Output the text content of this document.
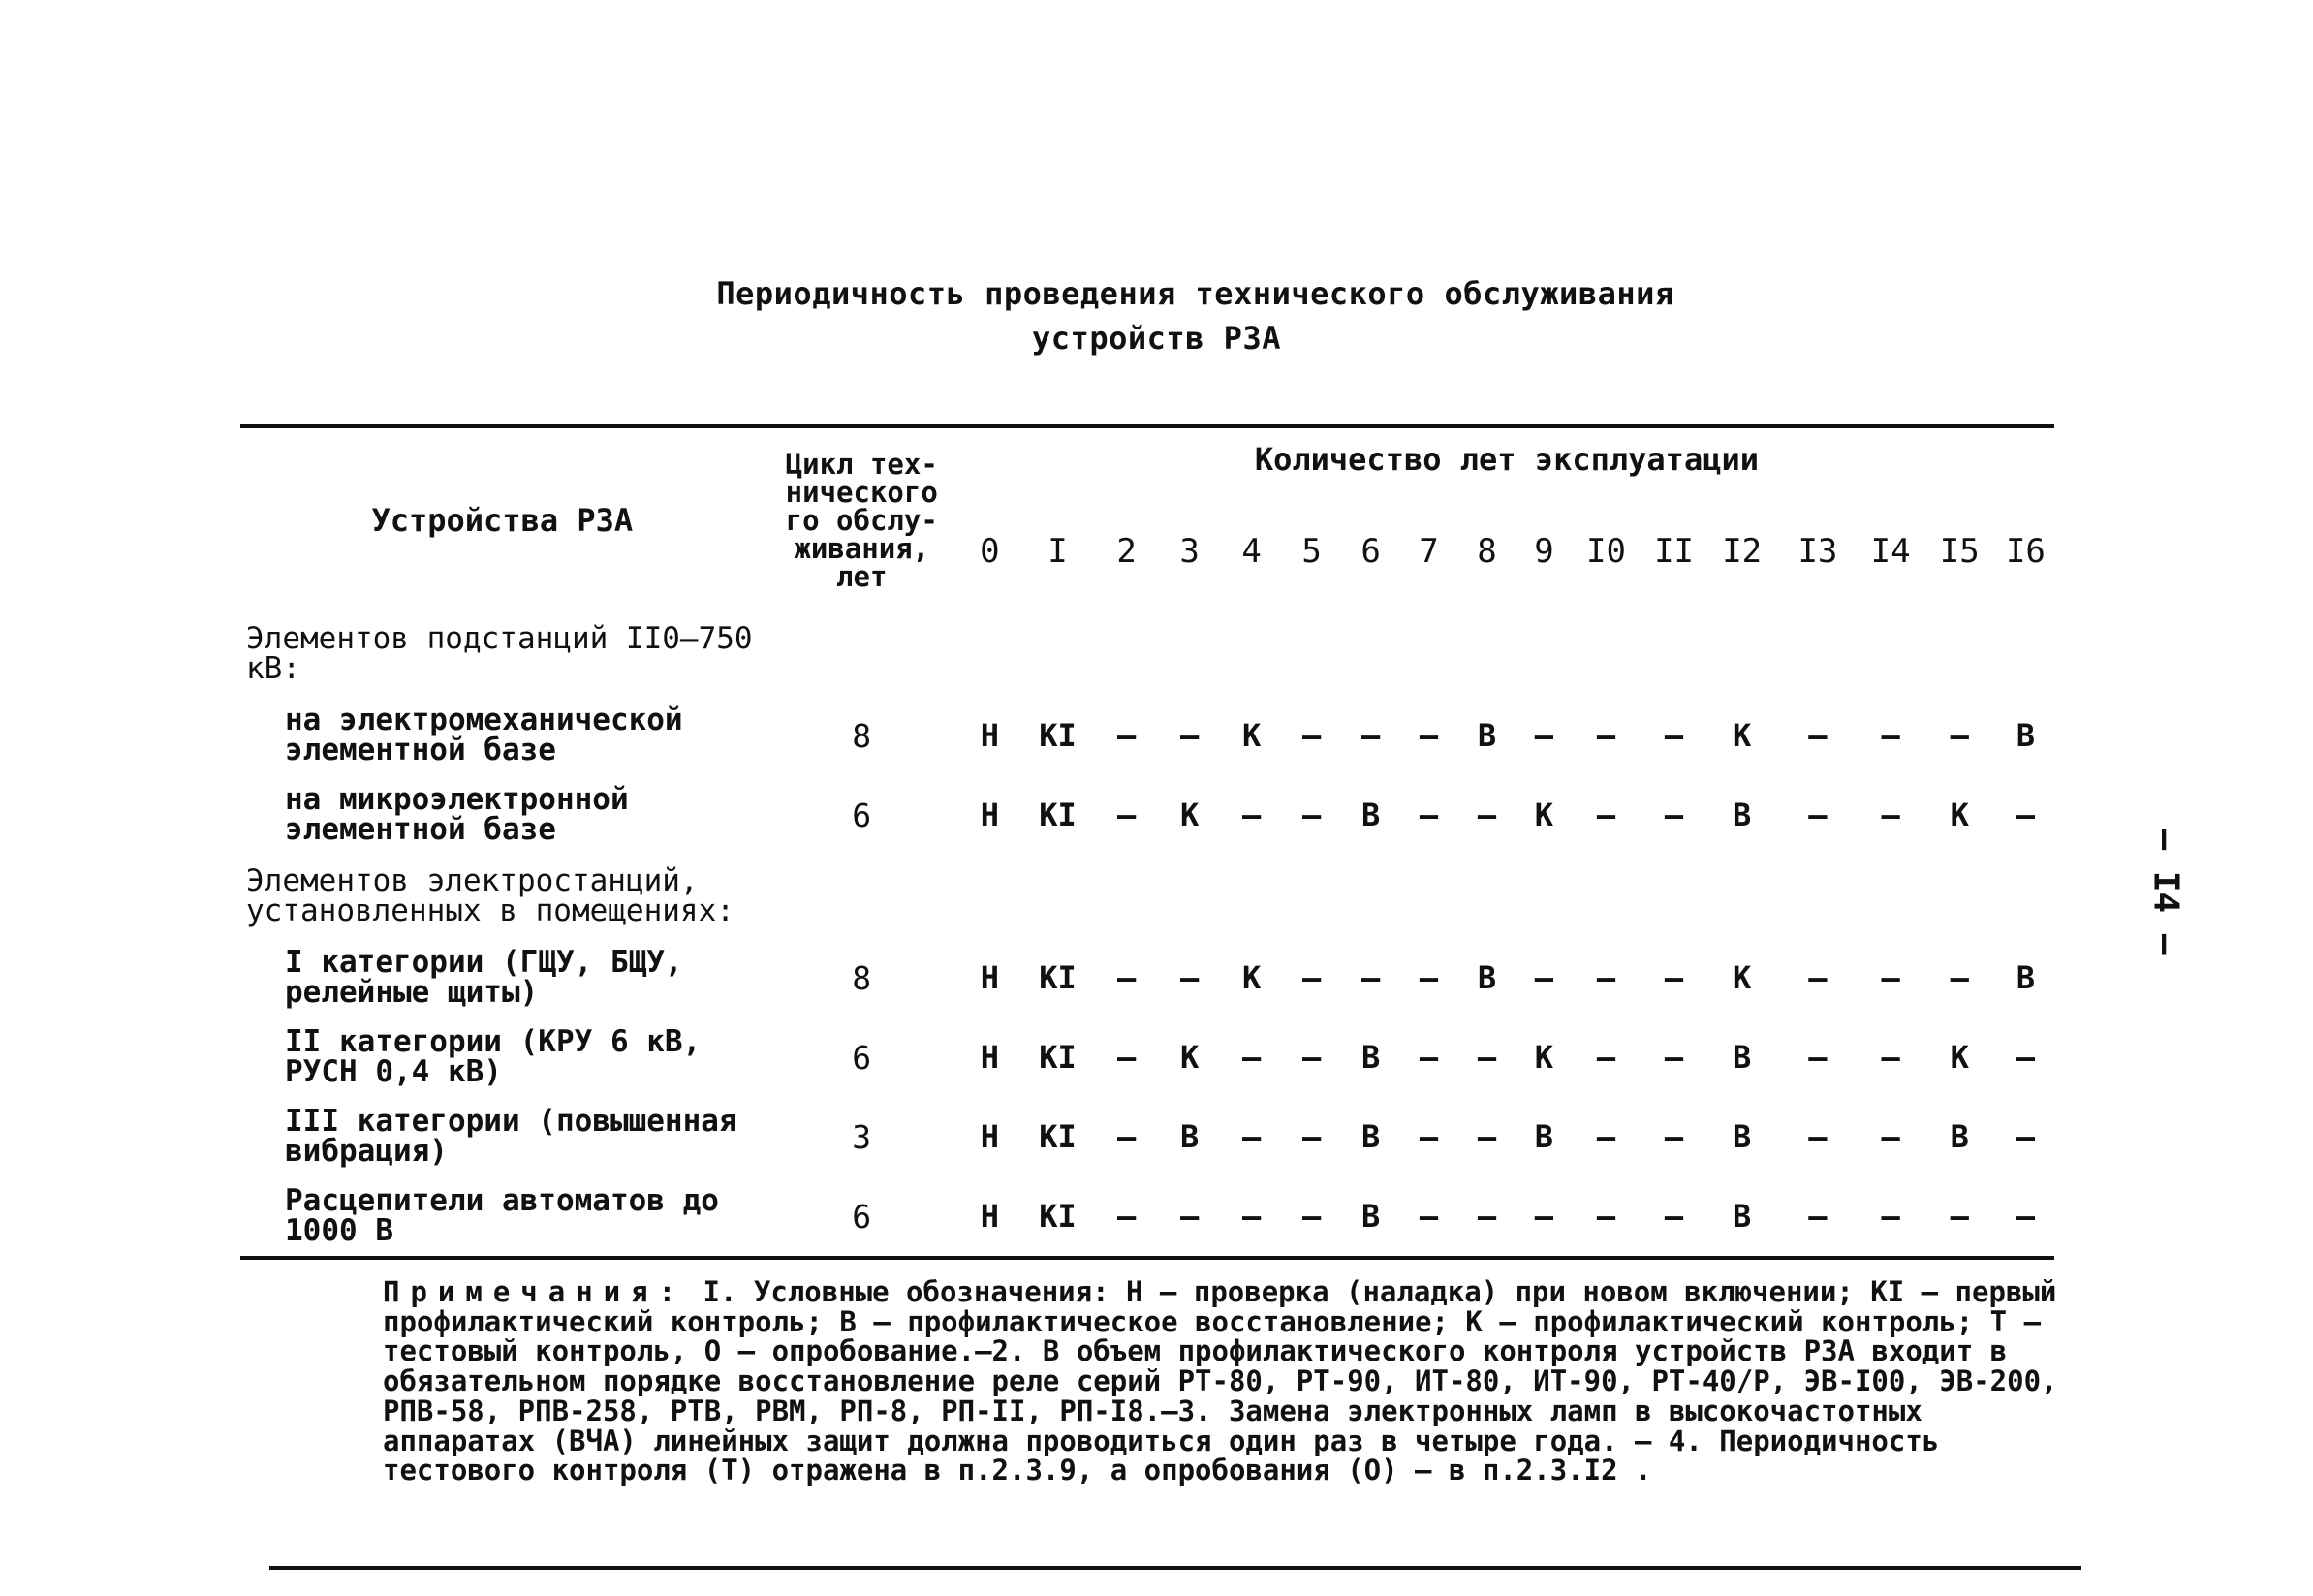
Периодичность проведения технического обслуживания
устройств РЗА
Устройства РЗА	Цикл тех-
нического
го обслу-
живания,
лет	Количество лет эксплуатации																
		0	I	2	3	4	5	6	7	8	9	I0	II	I2	I3	I4	I5	I6
Элементов подстанций II0–750 кВ:																		
на электромеханической элементной базе	8	Н	КI	–	–	К	–	–	–	В	–	–	–	К	–	–	–	В
на микроэлектронной элементной базе	6	Н	КI	–	К	–	–	В	–	–	К	–	–	В	–	–	К	–
Элементов электростанций, установленных в помещениях:																		
I категории (ГЩУ, БЩУ, релейные щиты)	8	Н	КI	–	–	К	–	–	–	В	–	–	–	К	–	–	–	В
II категории (КРУ 6 кВ, РУСН 0,4 кВ)	6	Н	КI	–	К	–	–	В	–	–	К	–	–	В	–	–	К	–
III категории (повышенная вибрация)	3	Н	КI	–	В	–	–	В	–	–	В	–	–	В	–	–	В	–
Расцепители автоматов до 1000 В	6	Н	КI	–	–	–	–	В	–	–	–	–	–	В	–	–	–	–
Примечания: I. Условные обозначения: Н – проверка (наладка) при новом включении; КI – первый профилактический контроль; В – профилактическое восстановление; К – профилактический контроль; Т – тестовый контроль, О – опробование.–2. В объем профилактического контроля устройств РЗА входит в обязательном порядке восстановление реле серий РТ-80, РТ-90, ИТ-80, ИТ-90, РТ-40/Р, ЭВ-I00, ЭВ-200, РПВ-58, РПВ-258, РТВ, РВМ, РП-8, РП-II, РП-I8.–3. Замена электронных ламп в высокочастотных аппаратах (ВЧА) линейных защит должна проводиться один раз в четыре года. – 4. Периодичность тестового контроля (Т) отражена в п.2.3.9, а опробования (О) – в п.2.3.I2 .
– I4 –
